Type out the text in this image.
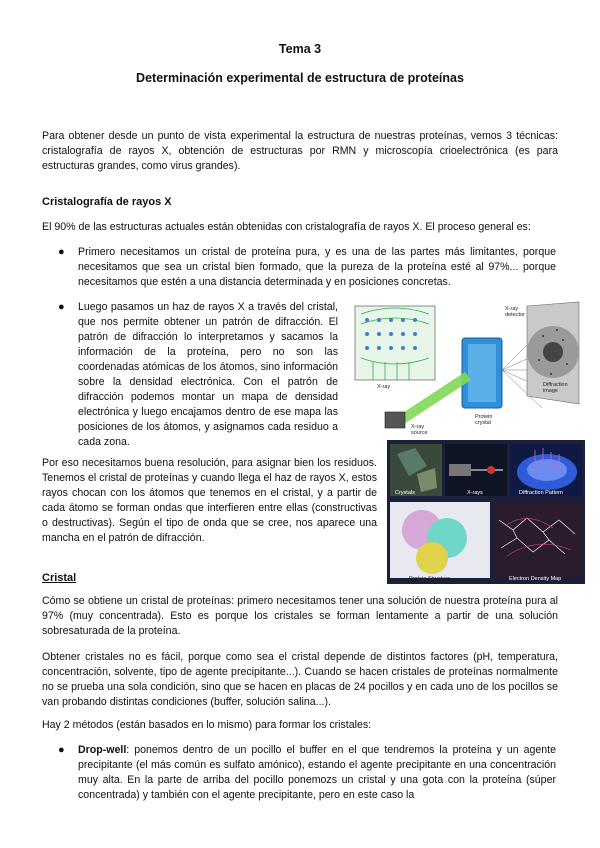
Tema 3

Determinación experimental de estructura de proteínas

Para obtener desde un punto de vista experimental la estructura de nuestras proteínas, vemos 3 técnicas: cristalografía de rayos X, obtención de estructuras por RMN y microscopía crioelectrónica (es para estructuras grandes, como virus grandes).

Cristalografía de rayos X

El 90% de las estructuras actuales están obtenidas con cristalografía de rayos X. El proceso general es:

● Primero necesitamos un cristal de proteína pura, y es una de las partes más limitantes, porque necesitamos que sea un cristal bien formado, que la pureza de la proteína esté al 97%... porque necesitamos que estén a una distancia determinada y en posiciones concretas.

● Luego pasamos un haz de rayos X a través del cristal, que nos permite obtener un patrón de difracción. El patrón de difracción lo interpretamos y sacamos la información de la proteína, pero no son las coordenadas atómicas de los átomos, sino información sobre la densidad electrónica. Con el patrón de difracción podemos montar un mapa de densidad electrónica y luego encajamos dentro de ese mapa las posiciones de los átomos, y asignamos cada residuo a cada zona.

Por eso necesitamos buena resolución, para asignar bien los residuos. Tenemos el cristal de proteínas y cuando llega el haz de rayos X, estos rayos chocan con los átomos que tenemos en el cristal, y a partir de cada átomo se forman ondas que interfieren entre ellas (constructivas o destructivas). Según el tipo de onda que se cree, nos aparece una mancha en el patrón de difracción.

X-ray detector
Diffraction image
X-ray source
Protein crystal
X-ray
Crystals	X-rays	Diffraction Pattern
Protein Structure	Electron Density Map

Cristal

Cómo se obtiene un cristal de proteínas: primero necesitamos tener una solución de nuestra proteína pura al 97% (muy concentrada). Esto es porque los cristales se forman lentamente a partir de una solución sobresaturada de la proteína.

Obtener cristales no es fácil, porque como sea el cristal depende de distintos factores (pH, temperatura, concentración, solvente, tipo de agente precipitante...). Cuando se hacen cristales de proteínas normalmente no se prueba una sola condición, sino que se hacen en placas de 24 pocillos y en cada uno de los pocillos se van probando distintas condiciones (buffer, solución salina...).

Hay 2 métodos (están basados en lo mismo) para formar los cristales:

● Drop-well: ponemos dentro de un pocillo el buffer en el que tendremos la proteína y un agente precipitante (el más común es sulfato amónico), estando el agente precipitante en una concentración muy alta. En la parte de arriba del pocillo ponemozs un cristal y una gota con la proteína (súper concentrada) y también con el agente precipitante, pero en este caso la
